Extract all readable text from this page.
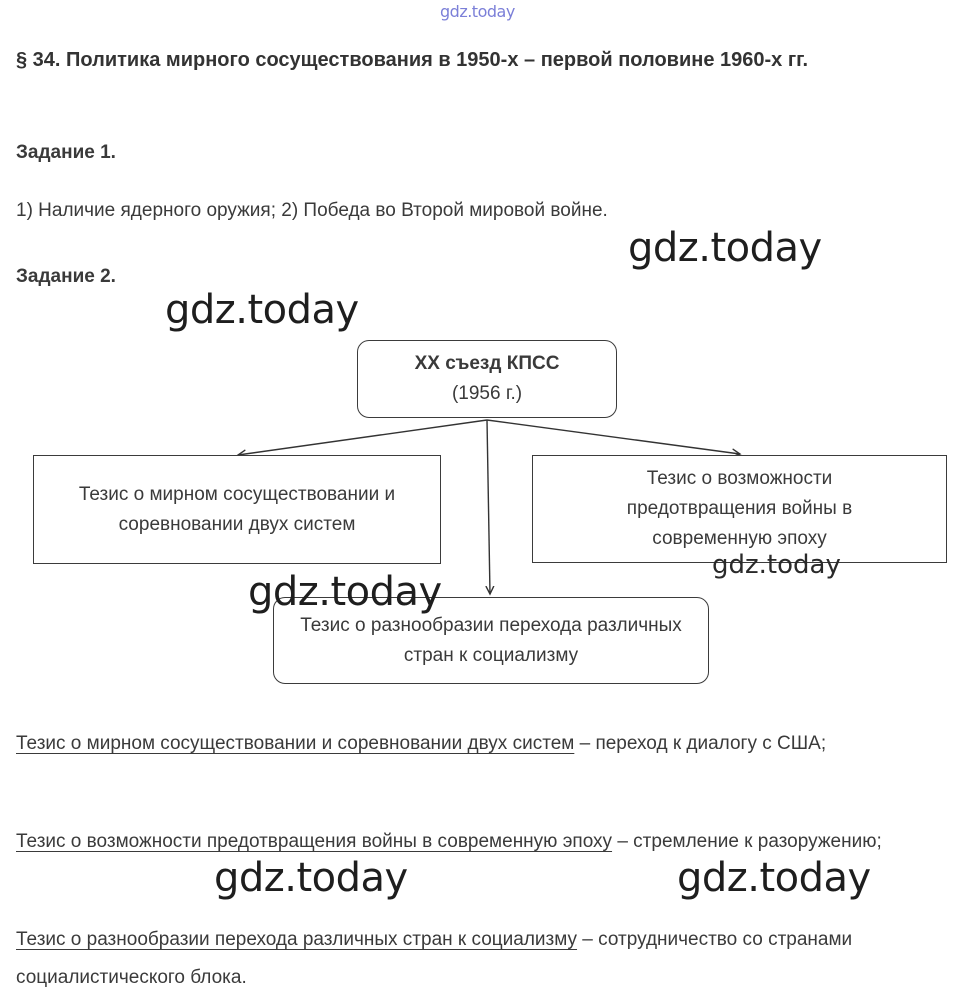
gdz.today
§ 34. Политика мирного сосуществования в 1950-х – первой половине 1960-х гг.
Задание 1.
1) Наличие ядерного оружия; 2) Победа во Второй мировой войне.
Задание 2.
XX съезд КПСС
(1956 г.)
Тезис о мирном сосуществовании и соревновании двух систем
Тезис о возможности предотвращения войны в современную эпоху
Тезис о разнообразии перехода различных стран к социализму
Тезис о мирном сосуществовании и соревновании двух систем – переход к диалогу с США;
Тезис о возможности предотвращения войны в современную эпоху – стремление к разоружению;
Тезис о разнообразии перехода различных стран к социализму – сотрудничество со странами социалистического блока.
gdz.today
gdz.today
gdz.today
gdz.today
gdz.today	gdz.today
